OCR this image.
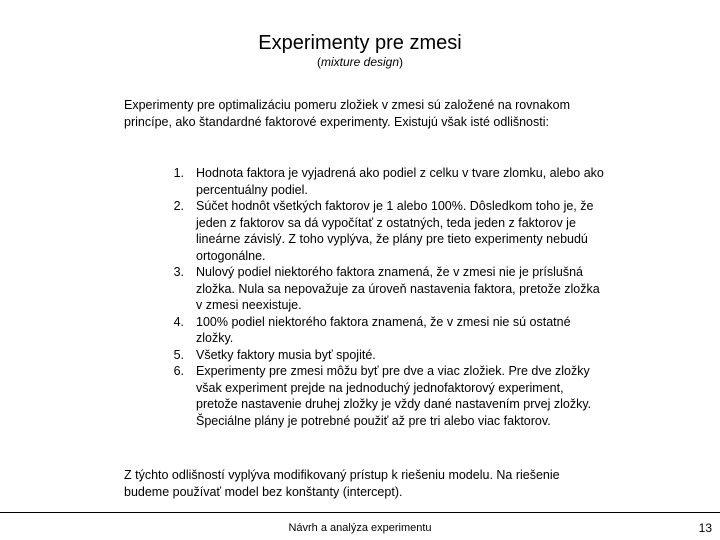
Experimenty pre zmesi
(mixture design)
Experimenty pre optimalizáciu pomeru zložiek v zmesi sú založené na rovnakom princípe, ako štandardné faktorové experimenty. Existujú však isté odlišnosti:
1. Hodnota faktora je vyjadrená ako podiel z celku v tvare zlomku, alebo ako percentuálny podiel.
2. Súčet hodnôt všetkých faktorov je 1 alebo 100%. Dôsledkom toho je, že jeden z faktorov sa dá vypočítať z ostatných, teda jeden z faktorov je lineárne závislý. Z toho vyplýva, že plány pre tieto experimenty nebudú ortogonálne.
3. Nulový podiel niektorého faktora znamená, že v zmesi nie je príslušná zložka. Nula sa nepovažuje za úroveň nastavenia faktora, pretože zložka v zmesi neexistuje.
4. 100% podiel niektorého faktora znamená, že v zmesi nie sú ostatné zložky.
5. Všetky faktory musia byť spojité.
6. Experimenty pre zmesi môžu byť pre dve a viac zložiek. Pre dve zložky však experiment prejde na jednoduchý jednofaktorový experiment, pretože nastavenie druhej zložky je vždy dané nastavením prvej zložky. Špeciálne plány je potrebné použiť až pre tri alebo viac faktorov.
Z týchto odlišností vyplýva modifikovaný prístup k riešeniu modelu. Na riešenie budeme používať model bez konštanty (intercept).
Návrh a analýza experimentu	13
